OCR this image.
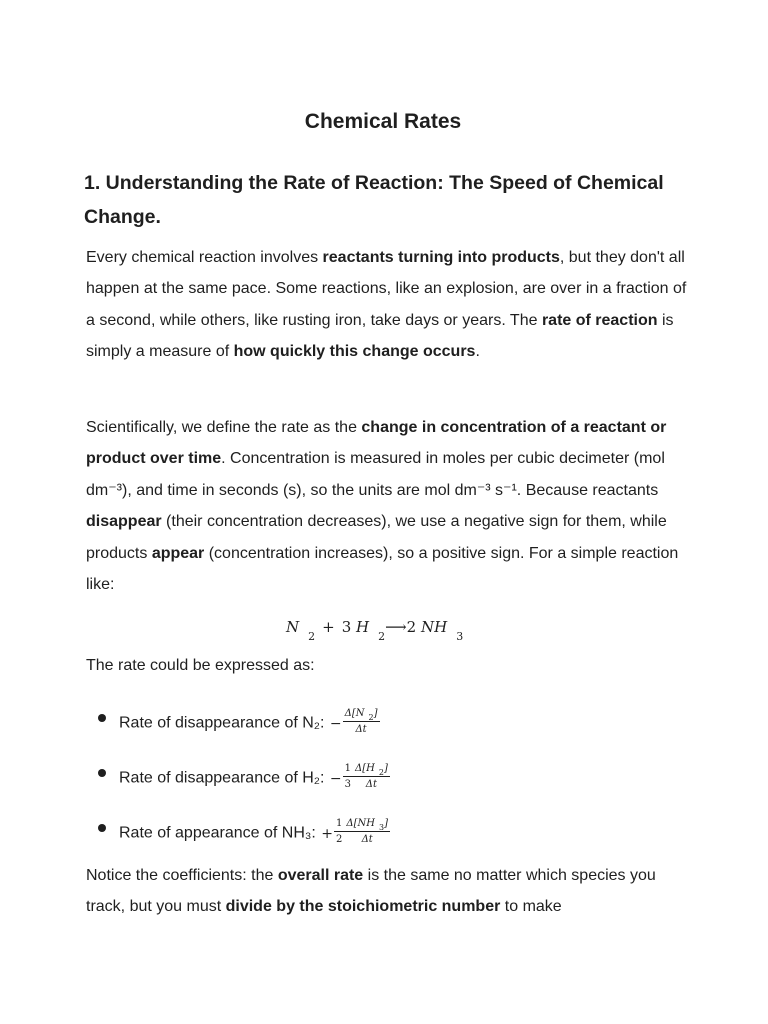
Chemical Rates
1. Understanding the Rate of Reaction: The Speed of Chemical Change.

Every chemical reaction involves reactants turning into products, but they don't all happen at the same pace. Some reactions, like an explosion, are over in a fraction of a second, while others, like rusting iron, take days or years. The rate of reaction is simply a measure of how quickly this change occurs.

Scientifically, we define the rate as the change in concentration of a reactant or product over time. Concentration is measured in moles per cubic decimeter (mol dm⁻³), and time in seconds (s), so the units are mol dm⁻³ s⁻¹. Because reactants disappear (their concentration decreases), we use a negative sign for them, while products appear (concentration increases), so a positive sign. For a simple reaction like:

$N_2+ 3$ $H_2⟶2$ $NH_3$

The rate could be expressed as:

Rate of disappearance of N₂: − $\frac{\Delta[N _2]}{\Delta t}$
Rate of disappearance of H₂: − $\frac{1}{3} \frac{\Delta[H _2]}{\Delta t}$
Rate of appearance of NH₃: + $\frac{1}{2} \frac{\Delta[NH _3]}{\Delta t}$

Notice the coefficients: the overall rate is the same no matter which species you track, but you must divide by the stoichiometric number to make
